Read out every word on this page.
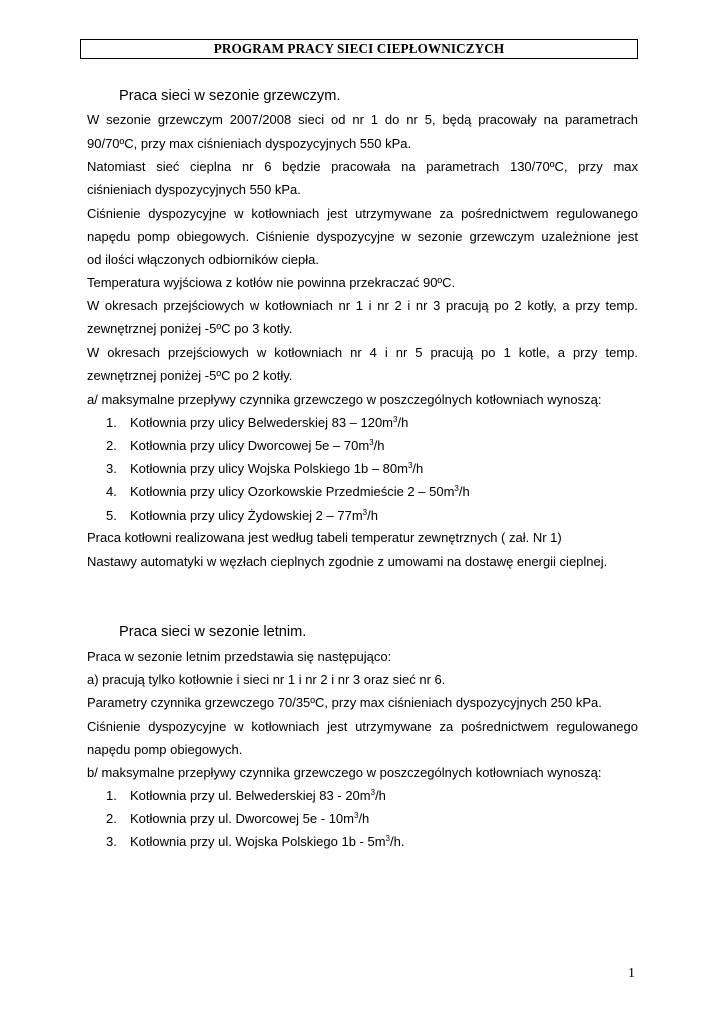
PROGRAM PRACY SIECI CIEPŁOWNICZYCH
Praca sieci w sezonie grzewczym.
W sezonie grzewczym 2007/2008 sieci od nr 1 do nr 5, będą pracowały na parametrach
90/70ºC, przy max ciśnieniach dyspozycyjnych 550 kPa.
Natomiast sieć cieplna nr 6 będzie pracowała na parametrach 130/70ºC, przy max
ciśnieniach dyspozycyjnych 550 kPa.
Ciśnienie dyspozycyjne w kotłowniach jest utrzymywane za pośrednictwem regulowanego
napędu pomp obiegowych. Ciśnienie dyspozycyjne w sezonie grzewczym uzależnione jest
od ilości włączonych odbiorników ciepła.
Temperatura wyjściowa z kotłów nie powinna przekraczać 90ºC.
W okresach przejściowych w kotłowniach nr 1 i nr 2 i nr 3 pracują po 2 kotły, a przy temp.
zewnętrznej poniżej -5ºC po 3 kotły.
W okresach przejściowych w kotłowniach nr 4 i nr 5 pracują po 1 kotle, a przy temp.
zewnętrznej poniżej -5ºC po 2 kotły.
a/ maksymalne przepływy czynnika grzewczego w poszczególnych kotłowniach wynoszą:
1. Kotłownia przy ulicy Belwederskiej $83 - 120m^3/h$
2. Kotłownia przy ulicy Dworcowej $5e - 70m^3/h$
3. Kotłownia przy ulicy Wojska Polskiego $1b - 80m^3/h$
4. Kotłownia przy ulicy Ozorkowskie Przedmieście $2 - 50m^3/h$
5. Kotłownia przy ulicy Żydowskiej $2 - 77m^3/h$
Praca kotłowni realizowana jest według tabeli temperatur zewnętrznych ( zał. Nr 1)
Nastawy automatyki w węzłach cieplnych zgodnie z umowami na dostawę energii cieplnej.
Praca sieci w sezonie letnim.
Praca w sezonie letnim przedstawia się następująco:
a) pracują tylko kotłownie i sieci nr 1 i nr 2 i nr 3 oraz sieć nr 6.
Parametry czynnika grzewczego 70/35ºC, przy max ciśnieniach dyspozycyjnych 250 kPa.
Ciśnienie dyspozycyjne w kotłowniach jest utrzymywane za pośrednictwem regulowanego
napędu pomp obiegowych.
b/ maksymalne przepływy czynnika grzewczego w poszczególnych kotłowniach wynoszą:
1. Kotłownia przy ul. Belwederskiej $83 - 20m^3/h$
2. Kotłownia przy ul. Dworcowej $5e - 10m^3/h$
3. Kotłownia przy ul. Wojska Polskiego $1b - 5m^3/h$.
1
